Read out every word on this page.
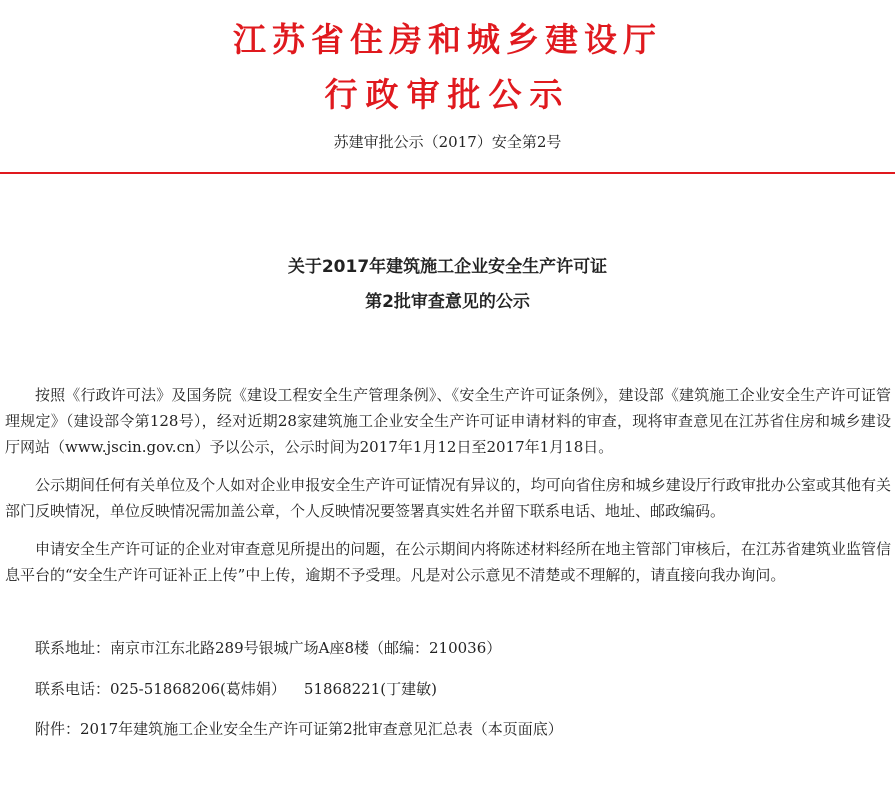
江苏省住房和城乡建设厅
行政审批公示
苏建审批公示（2017）安全第2号
关于2017年建筑施工企业安全生产许可证
第2批审查意见的公示

按照《行政许可法》及国务院《建设工程安全生产管理条例》、《安全生产许可证条例》，建设部《建筑施工企业安全生产许可证管理规定》（建设部令第128号），经对近期28家建筑施工企业安全生产许可证申请材料的审查，现将审查意见在江苏省住房和城乡建设厅网站（www.jscin.gov.cn）予以公示，公示时间为2017年1月12日至2017年1月18日。

公示期间任何有关单位及个人如对企业申报安全生产许可证情况有异议的，均可向省住房和城乡建设厅行政审批办公室或其他有关部门反映情况，单位反映情况需加盖公章，个人反映情况要签署真实姓名并留下联系电话、地址、邮政编码。

申请安全生产许可证的企业对审查意见所提出的问题，在公示期间内将陈述材料经所在地主管部门审核后，在江苏省建筑业监管信息平台的“安全生产许可证补正上传”中上传，逾期不予受理。凡是对公示意见不清楚或不理解的，请直接向我办询问。

联系地址：南京市江东北路289号银城广场A座8楼（邮编：210036）
联系电话：025-51868206(葛炜娟） 51868221(丁建敏)
附件：2017年建筑施工企业安全生产许可证第2批审查意见汇总表（本页面底）
